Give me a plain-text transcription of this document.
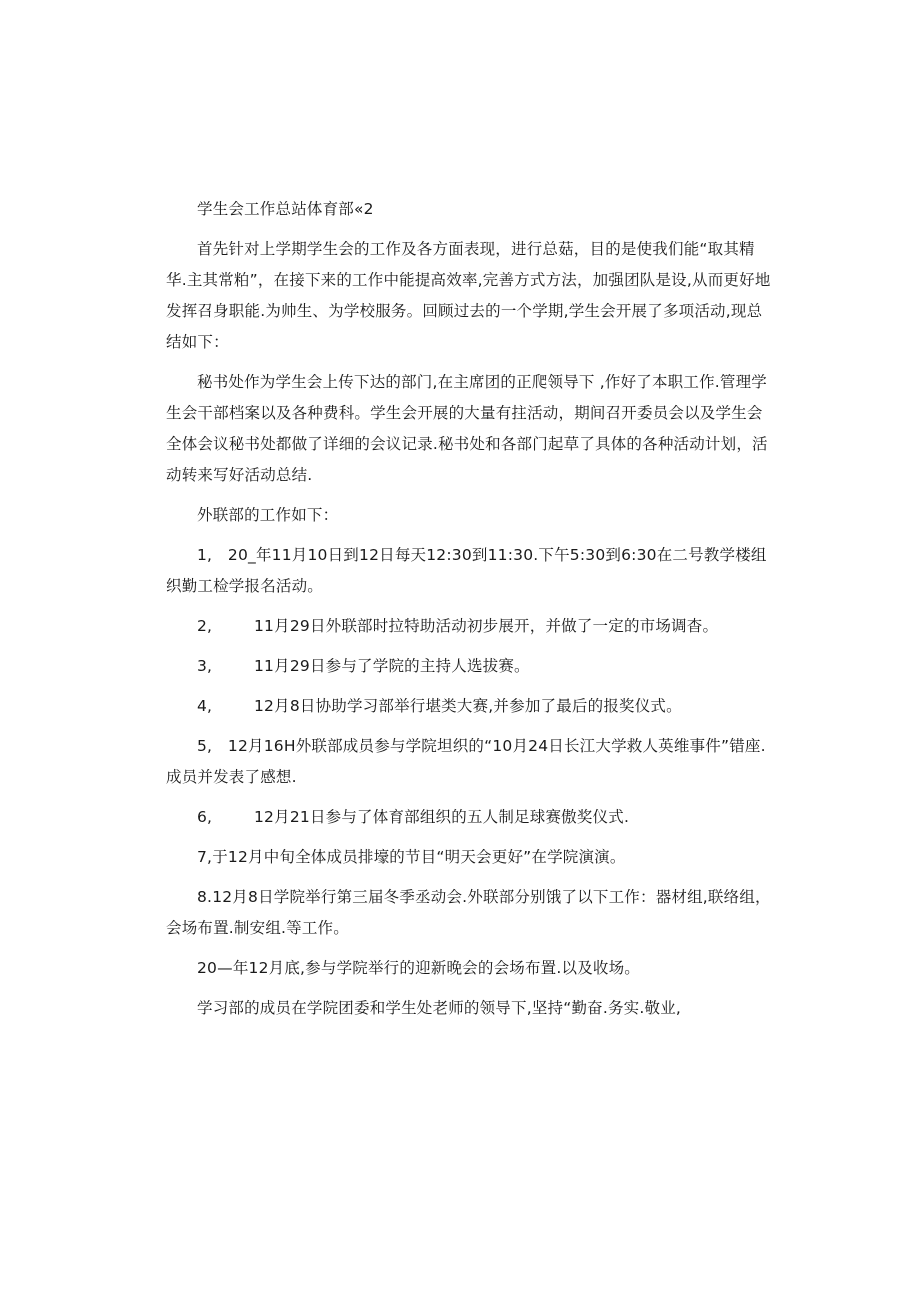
学生会工作总站体育部«2

首先针对上学期学生会的工作及各方面表现，进行总菇，目的是使我们能“取其精华.主其常粕”，在接下来的工作中能提高效率,完善方式方法，加强团队是设,从而更好地发挥召身职能.为帅生、为学校服务。回顾过去的一个学期,学生会开展了多项活动,现总结如下：

秘书处作为学生会上传下达的部门,在主席团的正爬领导下 ,作好了本职工作.管理学生会干部档案以及各种费科。学生会开展的大量有拄活动，期间召开委员会以及学生会全体会议秘书处都做了详细的会议记录.秘书处和各部门起草了具体的各种活动计划，活动转来写好活动总结.

外联部的工作如下：

1,　20_年11月10日到12日每天12:30到11:30.下午5:30到6:30在二号教学楼组织勤工检学报名活动。

2,	11月29日外联部时拉特助活动初步展开，并做了一定的市场调杳。
3,	11月29日参与了学院的主持人选拔赛。
4,	12月8日协助学习部举行堪类大赛,并参加了最后的报奖仪式。

5,　12月16H外联部成员参与学院坦织的“10月24日长江大学救人英维事件”错座.成员并发表了感想.

6,	12月21日参与了体育部组织的五人制足球赛傲奖仪式.

7,于12月中旬全体成员排壕的节目“明天会更好”在学院演演。

8.12月8日学院举行第三届冬季丞动会.外联部分别饿了以下工作：器材组,联络组，会场布置.制安组.等工作。

20—年12月底,参与学院举行的迎新晚会的会场布置.以及收场。

学习部的成员在学院团委和学生处老师的领导下,坚持“勤奋.务实.敬业,
